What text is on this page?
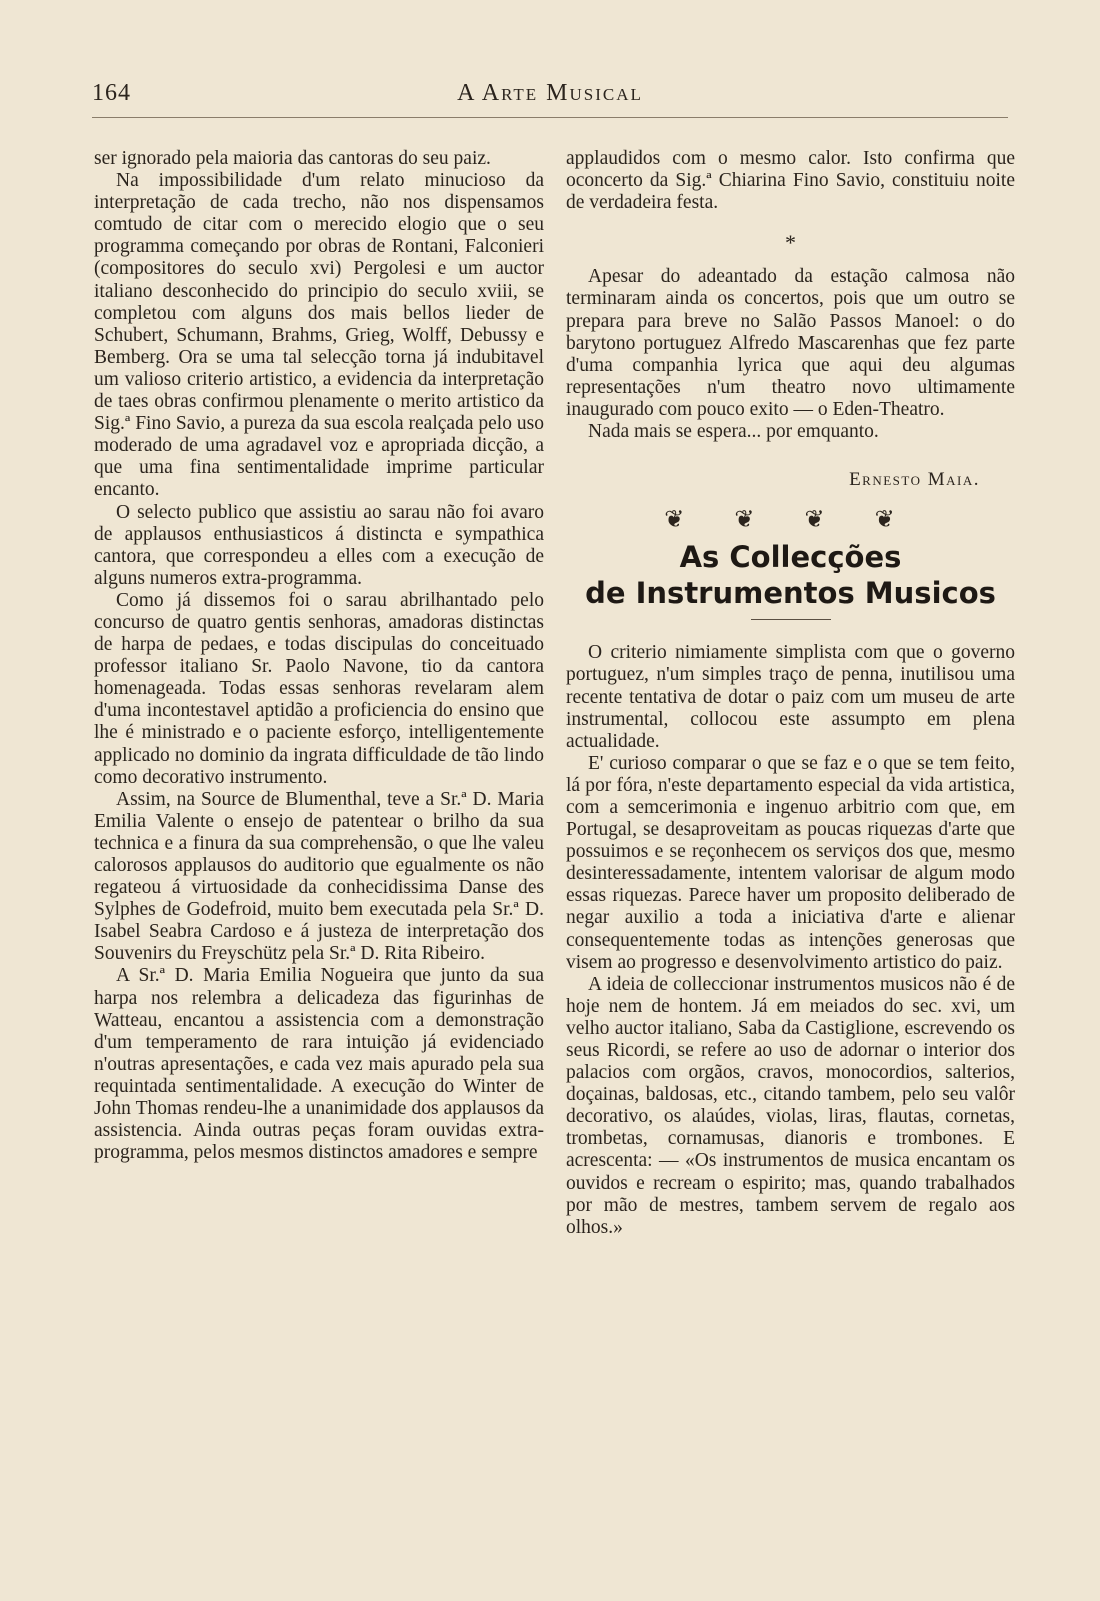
164	A Arte Musical

ser ignorado pela maioria das cantoras do seu paiz.

Na impossibilidade d'um relato minucioso da interpretação de cada trecho, não nos dispensamos comtudo de citar com o merecido elogio que o seu programma começando por obras de Rontani, Falconieri (compositores do seculo xvi) Pergolesi e um auctor italiano desconhecido do principio do seculo xviii, se completou com alguns dos mais bellos lieder de Schubert, Schumann, Brahms, Grieg, Wolff, Debussy e Bemberg. Ora se uma tal selecção torna já indubitavel um valioso criterio artistico, a evidencia da interpretação de taes obras confirmou plenamente o merito artistico da Sig.ª Fino Savio, a pureza da sua escola realçada pelo uso moderado de uma agradavel voz e apropriada dicção, a que uma fina sentimentalidade imprime particular encanto.

O selecto publico que assistiu ao sarau não foi avaro de applausos enthusiasticos á distincta e sympathica cantora, que correspondeu a elles com a execução de alguns numeros extra-programma.

Como já dissemos foi o sarau abrilhantado pelo concurso de quatro gentis senhoras, amadoras distinctas de harpa de pedaes, e todas discipulas do conceituado professor italiano Sr. Paolo Navone, tio da cantora homenageada. Todas essas senhoras revelaram alem d'uma incontestavel aptidão a proficiencia do ensino que lhe é ministrado e o paciente esforço, intelligentemente applicado no dominio da ingrata difficuldade de tão lindo como decorativo instrumento.

Assim, na Source de Blumenthal, teve a Sr.ª D. Maria Emilia Valente o ensejo de patentear o brilho da sua technica e a finura da sua comprehensão, o que lhe valeu calorosos applausos do auditorio que egualmente os não regateou á virtuosidade da conhecidissima Danse des Sylphes de Godefroid, muito bem executada pela Sr.ª D. Isabel Seabra Cardoso e á justeza de interpretação dos Souvenirs du Freyschütz pela Sr.ª D. Rita Ribeiro.

A Sr.ª D. Maria Emilia Nogueira que junto da sua harpa nos relembra a delicadeza das figurinhas de Watteau, encantou a assistencia com a demonstração d'um temperamento de rara intuição já evidenciado n'outras apresentações, e cada vez mais apurado pela sua requintada sentimentalidade. A execução do Winter de John Thomas rendeu-lhe a unanimidade dos applausos da assistencia. Ainda outras peças foram ouvidas extra-programma, pelos mesmos distinctos amadores e sempre

applaudidos com o mesmo calor. Isto confirma que oconcerto da Sig.ª Chiarina Fino Savio, constituiu noite de verdadeira festa.

*

Apesar do adeantado da estação calmosa não terminaram ainda os concertos, pois que um outro se prepara para breve no Salão Passos Manoel: o do barytono portuguez Alfredo Mascarenhas que fez parte d'uma companhia lyrica que aqui deu algumas representações n'um theatro novo ultimamente inaugurado com pouco exito — o Eden-Theatro.

Nada mais se espera... por emquanto.

Ernesto Maia.
❦ ❦ ❦ ❦
As Collecções
de Instrumentos Musicos

O criterio nimiamente simplista com que o governo portuguez, n'um simples traço de penna, inutilisou uma recente tentativa de dotar o paiz com um museu de arte instrumental, collocou este assumpto em plena actualidade.

E' curioso comparar o que se faz e o que se tem feito, lá por fóra, n'este departamento especial da vida artistica, com a semcerimonia e ingenuo arbitrio com que, em Portugal, se desaproveitam as poucas riquezas d'arte que possuimos e se reçonhecem os serviços dos que, mesmo desinteressadamente, intentem valorisar de algum modo essas riquezas. Parece haver um proposito deliberado de negar auxilio a toda a iniciativa d'arte e alienar consequentemente todas as intenções generosas que visem ao progresso e desenvolvimento artistico do paiz.

A ideia de colleccionar instrumentos musicos não é de hoje nem de hontem. Já em meiados do sec. xvi, um velho auctor italiano, Saba da Castiglione, escrevendo os seus Ricordi, se refere ao uso de adornar o interior dos palacios com orgãos, cravos, monocordios, salterios, doçainas, baldosas, etc., citando tambem, pelo seu valôr decorativo, os alaúdes, violas, liras, flautas, cornetas, trombetas, cornamusas, dianoris e trombones. E acrescenta: — «Os instrumentos de musica encantam os ouvidos e recream o espirito; mas, quando trabalhados por mão de mestres, tambem servem de regalo aos olhos.»
